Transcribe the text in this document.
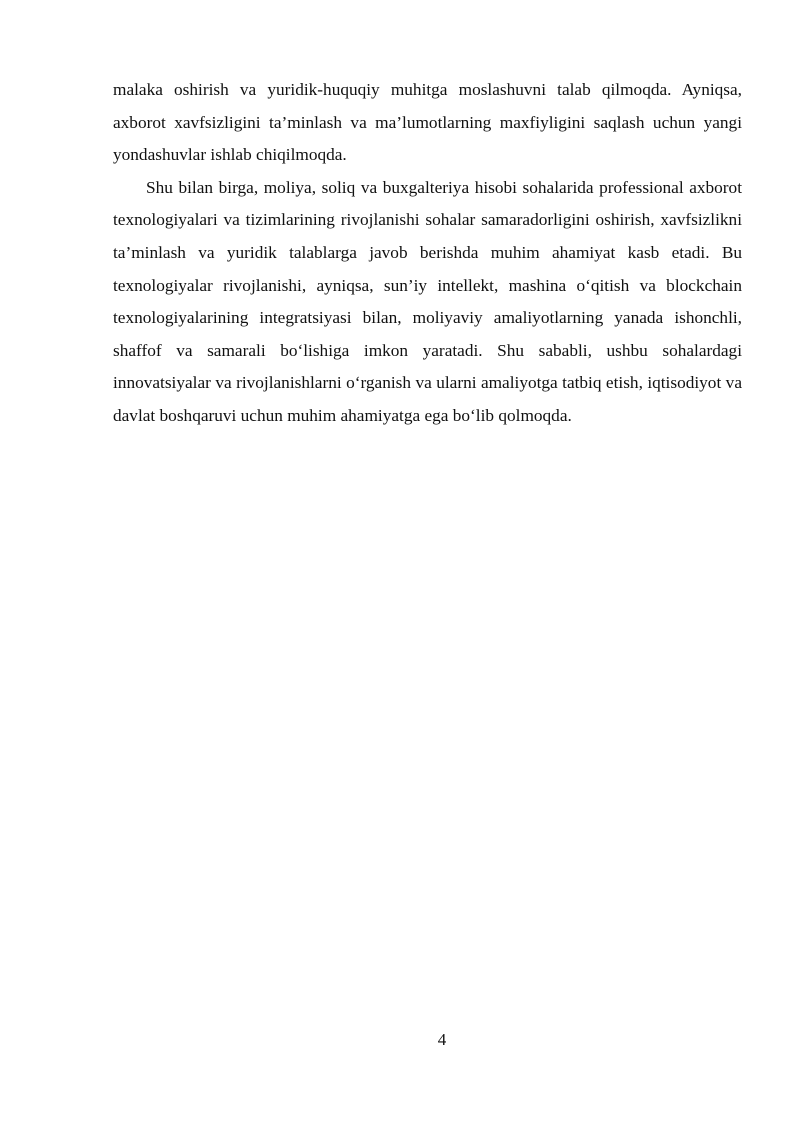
malaka oshirish va yuridik-huquqiy muhitga moslashuvni talab qilmoqda. Ayniqsa, axborot xavfsizligini ta’minlash va ma’lumotlarning maxfiyligini saqlash uchun yangi yondashuvlar ishlab chiqilmoqda.

Shu bilan birga, moliya, soliq va buxgalteriya hisobi sohalarida professional axborot texnologiyalari va tizimlarining rivojlanishi sohalar samaradorligini oshirish, xavfsizlikni ta’minlash va yuridik talablarga javob berishda muhim ahamiyat kasb etadi. Bu texnologiyalar rivojlanishi, ayniqsa, sun’iy intellekt, mashina o‘qitish va blockchain texnologiyalarining integratsiyasi bilan, moliyaviy amaliyotlarning yanada ishonchli, shaffof va samarali bo‘lishiga imkon yaratadi. Shu sababli, ushbu sohalardagi innovatsiyalar va rivojlanishlarni o‘rganish va ularni amaliyotga tatbiq etish, iqtisodiyot va davlat boshqaruvi uchun muhim ahamiyatga ega bo‘lib qolmoqda.

4
